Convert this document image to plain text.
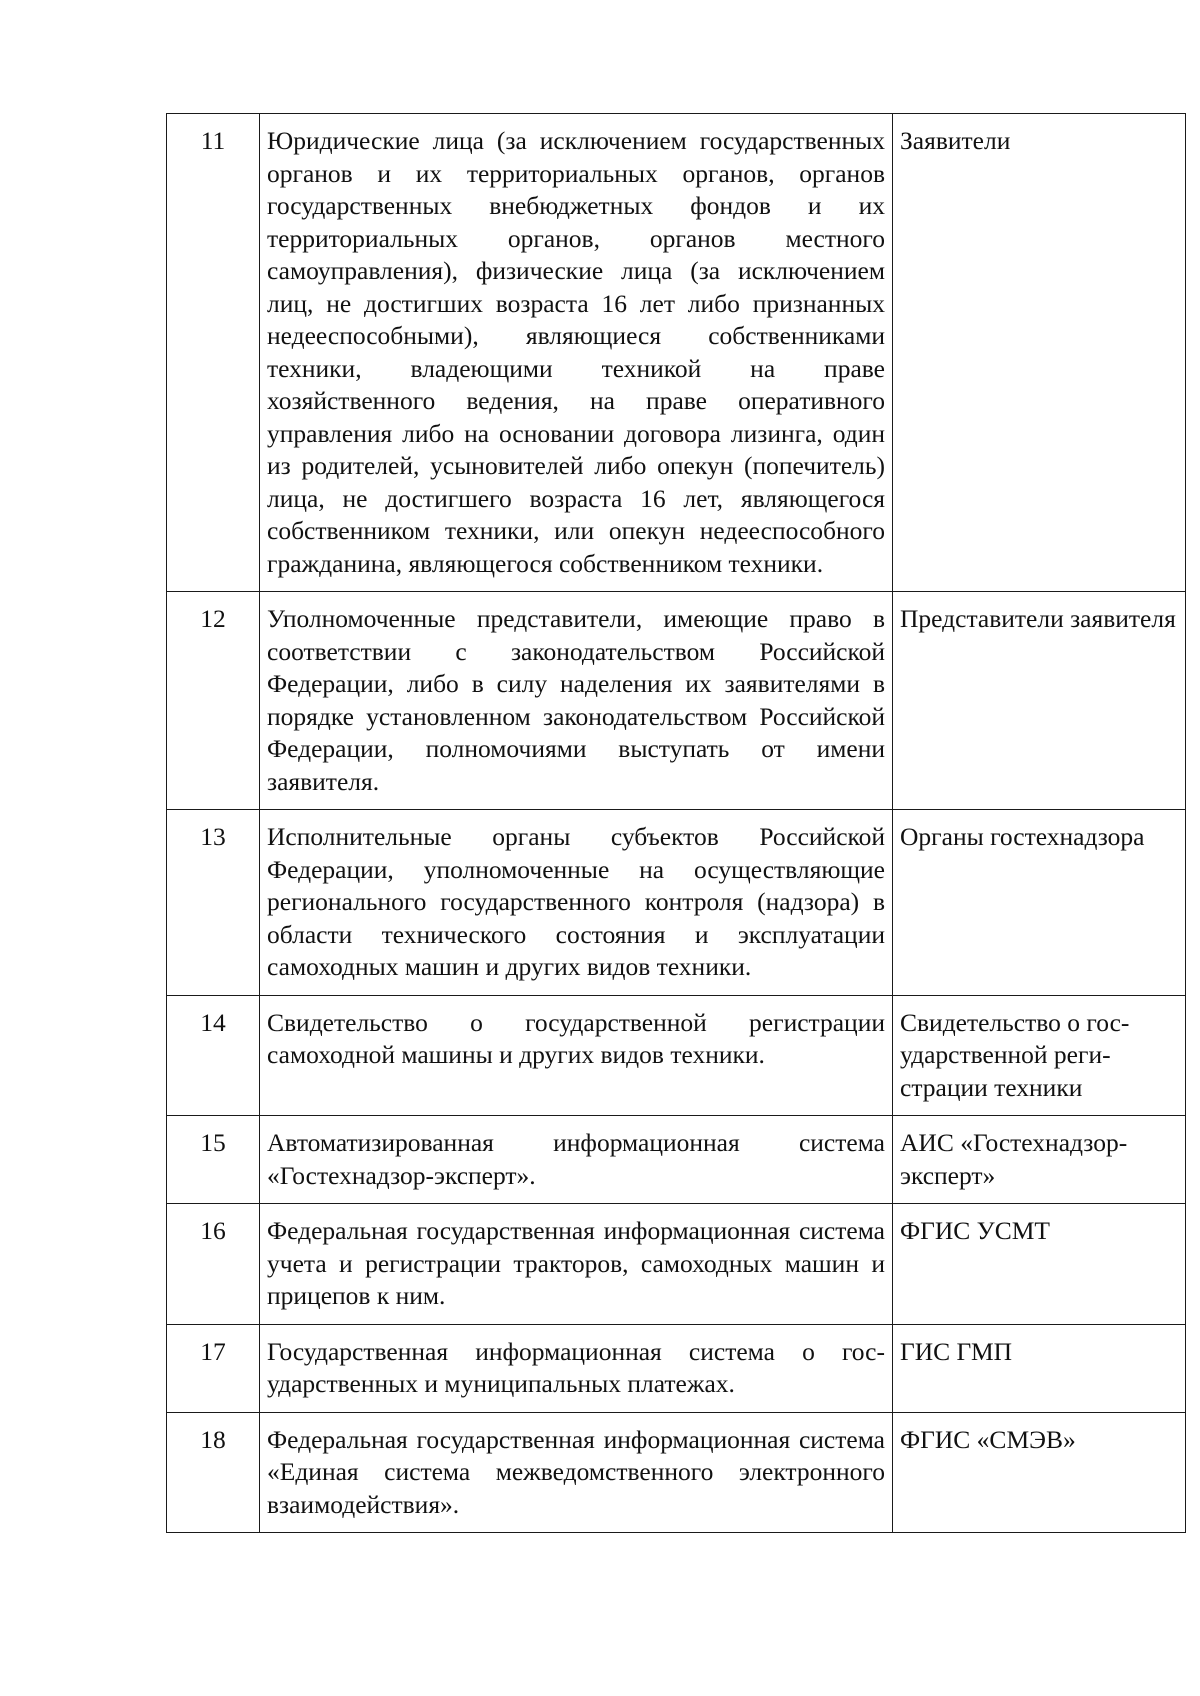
11	Юридические лица (за исключением государственных органов и их территориальных органов, органов государственных внебюджетных фондов и их территориальных органов, органов местного самоуправления), физические лица (за исключением лиц, не достигших возраста 16 лет либо признанных недееспособными), являющиеся собственниками техники, владеющими техникой на праве хозяйственного ведения, на праве оперативного управления либо на основании договора лизинга, один из родителей, усыновителей либо опекун (попечитель) лица, не достигшего возраста 16 лет, являющегося собственником техники, или опекун недееспособного гражданина, являющегося собственником техники.	Заявители

12	Уполномоченные представители, имеющие право в соответствии с законодательством Российской Федерации, либо в силу наделения их заявителями в порядке установленном законодательством Российской Федерации, полномочиями выступать от имени заявителя.	Представители заявителя

13	Исполнительные органы субъектов Российской Федерации, уполномоченные на осуществляющие регионального государственного контроля (надзора) в области технического состояния и эксплуатации самоходных машин и других видов техники.	Органы гостехнадзора

14	Свидетельство о государственной регистрации самоходной машины и других видов техники.	Свидетельство о государственной регистрации техники

15	Автоматизированная информационная система «Гостехнадзор-эксперт».	АИС «Гостехнадзор-эксперт»

16	Федеральная государственная информационная система учета и регистрации тракторов, самоходных машин и прицепов к ним.	ФГИС УСМТ

17	Государственная информационная система о государственных и муниципальных платежах.	ГИС ГМП

18	Федеральная государственная информационная система «Единая система межведомственного электронного взаимодействия».	ФГИС «СМЭВ»
